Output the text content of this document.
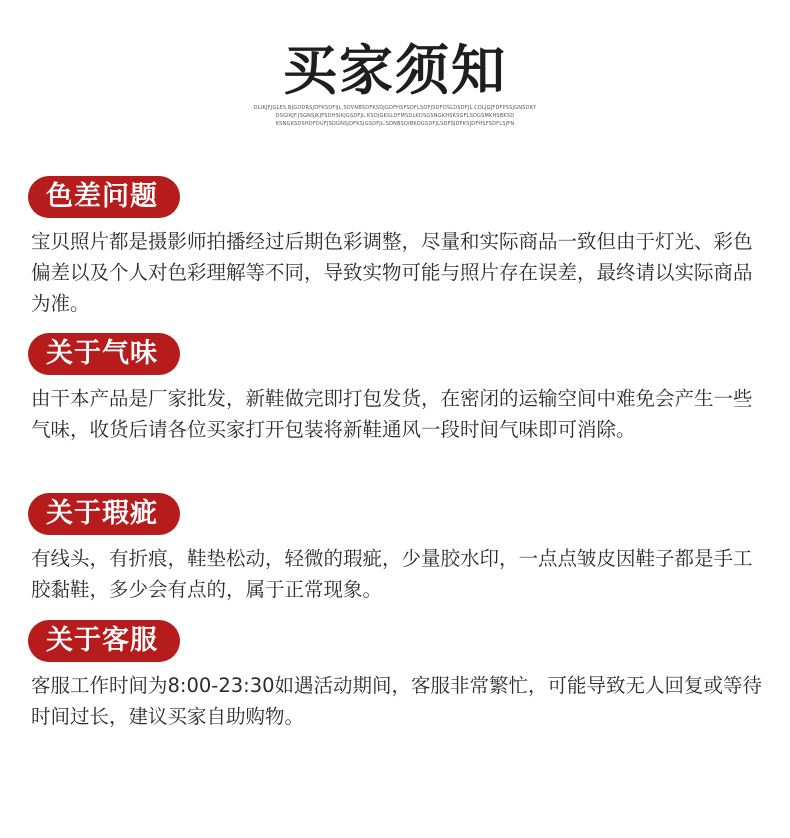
买家须知
DLIKJFJGLES.BJGODRSJDFKSDFIJL.SDVNBSDFKSDJGDFHSFSDFLSOFJSDFOSLDSDFJL.CDLJGJFDFPSSJGNSDKY
DSGIKJF.JSGNSJKJFSDHSIKJGSDFJL.KSDJGKSLDFMSDLKDSGSNGKHSKSGFLSDGSMKHSBKSD
KSNGKSDSHDFDUFJSDGNSJDFKSJGSDFJL.SDNBSDIBKDGSDFJLSDFSJDFKSJDFHSFSDFLSJFN
色差问题
宝贝照片都是摄影师拍播经过后期色彩调整，尽量和实际商品一致但由于灯光、彩色偏差以及个人对色彩理解等不同，导致实物可能与照片存在误差，最终请以实际商品为准。
关于气味
由干本产品是厂家批发，新鞋做完即打包发货，在密闭的运输空间中难免会产生一些气味，收货后请各位买家打开包装将新鞋通风一段时间气味即可消除。
关于瑕疵
有线头，有折痕，鞋垫松动，轻微的瑕疵，少量胶水印，一点点皱皮因鞋子都是手工胶黏鞋，多少会有点的，属于正常现象。
关于客服
客服工作时间为8:00-23:30如遇活动期间，客服非常繁忙，可能导致无人回复或等待时间过长，建议买家自助购物。
